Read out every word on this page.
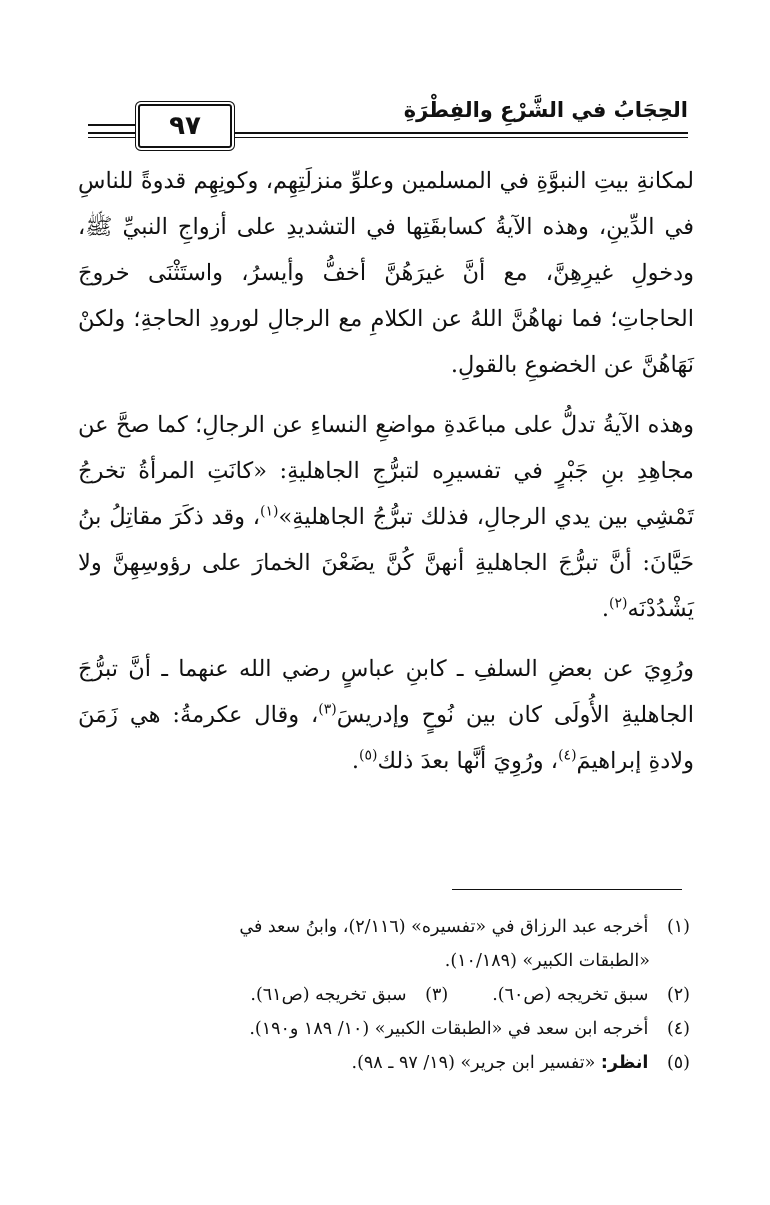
الحِجَابُ في الشَّرْعِ والفِطْرَةِ
٩٧

لمكانةِ بيتِ النبوَّةِ في المسلمين وعلوِّ منزلَتِهِم، وكونِهِم قدوةً للناسِ في الدِّينِ، وهذه الآيةُ كسابقَتِها في التشديدِ على أزواجِ النبيِّ ﷺ، ودخولِ غيرِهِنَّ، مع أنَّ غيرَهُنَّ أخفُّ وأيسرُ، واستَثْنَى خروجَ الحاجاتِ؛ فما نهاهُنَّ اللهُ عن الكلامِ مع الرجالِ لورودِ الحاجةِ؛ ولكنْ نَهَاهُنَّ عن الخضوعِ بالقولِ.

وهذه الآيةُ تدلُّ على مباعَدةِ مواضعِ النساءِ عن الرجالِ؛ كما صحَّ عن مجاهِدِ بنِ جَبْرٍ في تفسيرِه لتبرُّجِ الجاهليةِ: «كانَتِ المرأةُ تخرجُ تَمْشِي بين يدي الرجالِ، فذلك تبرُّجُ الجاهليةِ»$^{(١)}$، وقد ذكَرَ مقاتِلُ بنُ حَيَّانَ: أنَّ تبرُّجَ الجاهليةِ أنهنَّ كُنَّ يضَعْنَ الخمارَ على رؤوسِهِنَّ ولا يَشْدُدْنَه$^{(٢)}$.

ورُوِيَ عن بعضِ السلفِ ـ كابنِ عباسٍ رضي الله عنهما ـ أنَّ تبرُّجَ الجاهليةِ الأُولَى كان بين نُوحٍ وإدريسَ$^{(٣)}$، وقال عكرمةُ: هي زَمَنَ ولادةِ إبراهيمَ$^{(٤)}$، ورُوِيَ أنَّها بعدَ ذلك$^{(٥)}$.

(١) أخرجه عبد الرزاق في «تفسيره» (٢/١١٦)، وابنُ سعد في

«الطبقات الكبير» (١٠/١٨٩).

(٢) سبق تخريجه (ص٦٠).(٣) سبق تخريجه (ص٦١).

(٤) أخرجه ابن سعد في «الطبقات الكبير» (١٠/ ١٨٩ و١٩٠).

(٥) انظر: «تفسير ابن جرير» (١٩/ ٩٧ ـ ٩٨).
